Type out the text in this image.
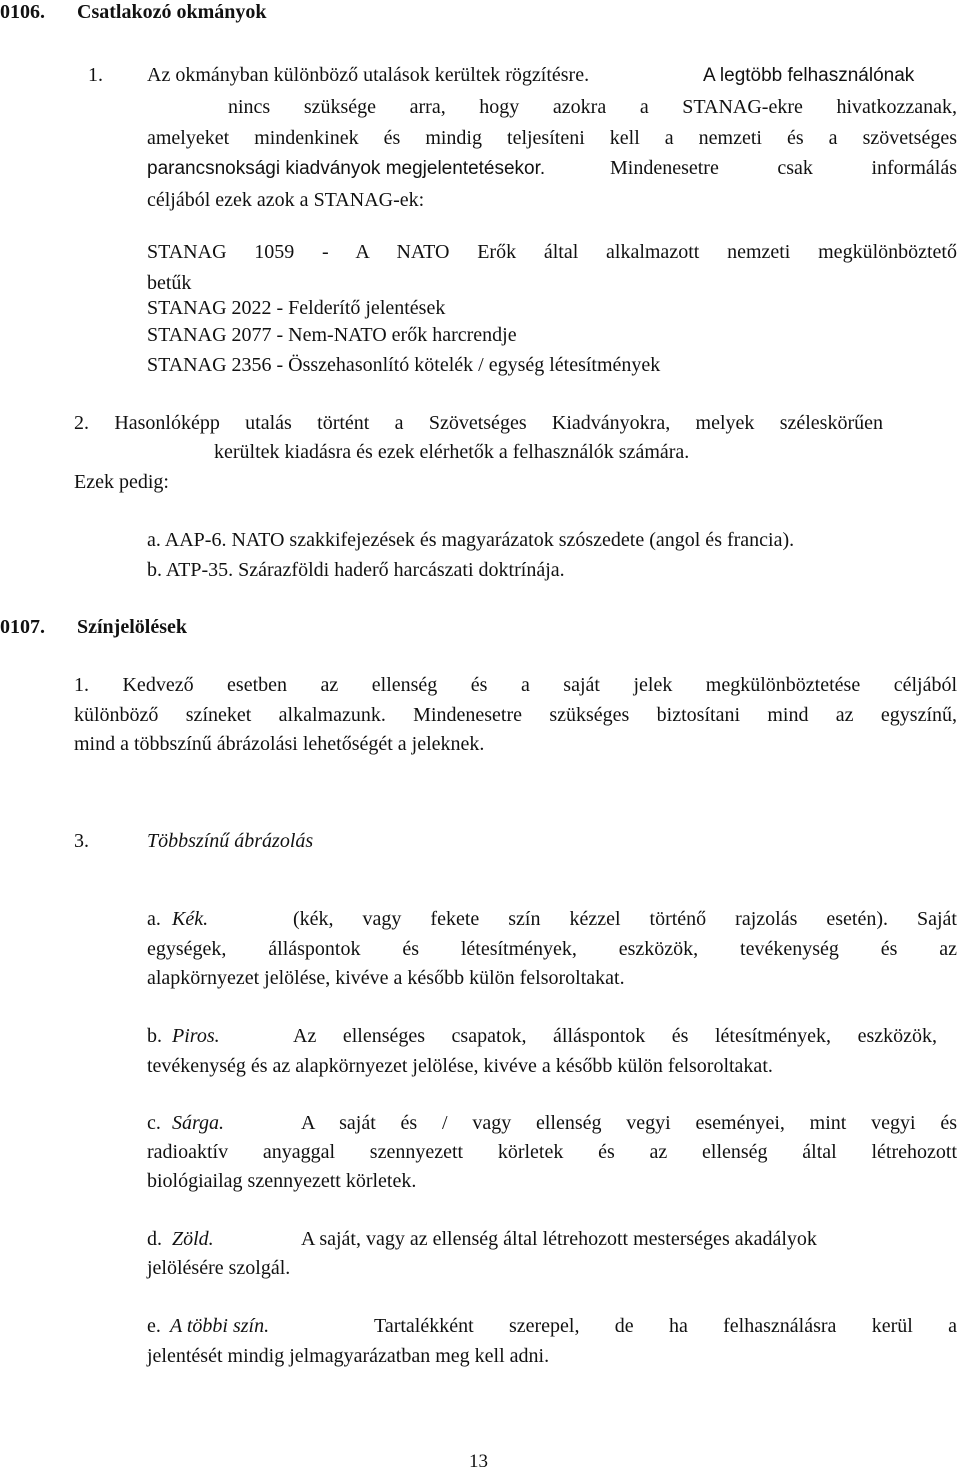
0106. Csatlakozó okmányok
1. Az okmányban különböző utalások kerültek rögzítésre.	A legtöbb felhasználónak
nincs szüksége arra, hogy azokra a STANAG-ekre hivatkozzanak,
amelyeket mindenkinek és mindig teljesíteni kell a nemzeti és a szövetséges
parancsnoksági kiadványok megjelentetésekor.	Mindenesetre csak informálás
céljából ezek azok a STANAG-ek:
STANAG 1059 - A NATO Erők által alkalmazott nemzeti megkülönböztető
betűk
STANAG 2022 - Felderítő jelentések
STANAG 2077 - Nem-NATO erők harcrendje
STANAG 2356 - Összehasonlító kötelék / egység létesítmények
2. Hasonlóképp utalás történt a Szövetséges Kiadványokra, melyek széleskörűen
kerültek kiadásra és ezek elérhetők a felhasználók számára.
Ezek pedig:
a. AAP-6. NATO szakkifejezések és magyarázatok szószedete (angol és francia).
b. ATP-35. Szárazföldi haderő harcászati doktrínája.
0107. Színjelölések
1. Kedvező esetben az ellenség és a saját jelek megkülönböztetése céljából
különböző színeket alkalmazunk. Mindenesetre szükséges biztosítani mind az egyszínű,
mind a többszínű ábrázolási lehetőségét a jeleknek.
3.	Többszínű ábrázolás
a. Kék.	(kék, vagy fekete szín kézzel történő rajzolás esetén). Saját
egységek, álláspontok és létesítmények, eszközök, tevékenység és az
alapkörnyezet jelölése, kivéve a később külön felsoroltakat.
b. Piros.	Az ellenséges csapatok, álláspontok és létesítmények, eszközök,
tevékenység és az alapkörnyezet jelölése, kivéve a később külön felsoroltakat.
c. Sárga.	A saját és / vagy ellenség vegyi eseményei, mint vegyi és
radioaktív anyaggal szennyezett körletek és az ellenség által létrehozott
biológiailag szennyezett körletek.
d. Zöld.	A saját, vagy az ellenség által létrehozott mesterséges akadályok
jelölésére szolgál.
e. A többi szín.	Tartalékként szerepel, de ha felhasználásra kerül a
jelentését mindig jelmagyarázatban meg kell adni.
13
